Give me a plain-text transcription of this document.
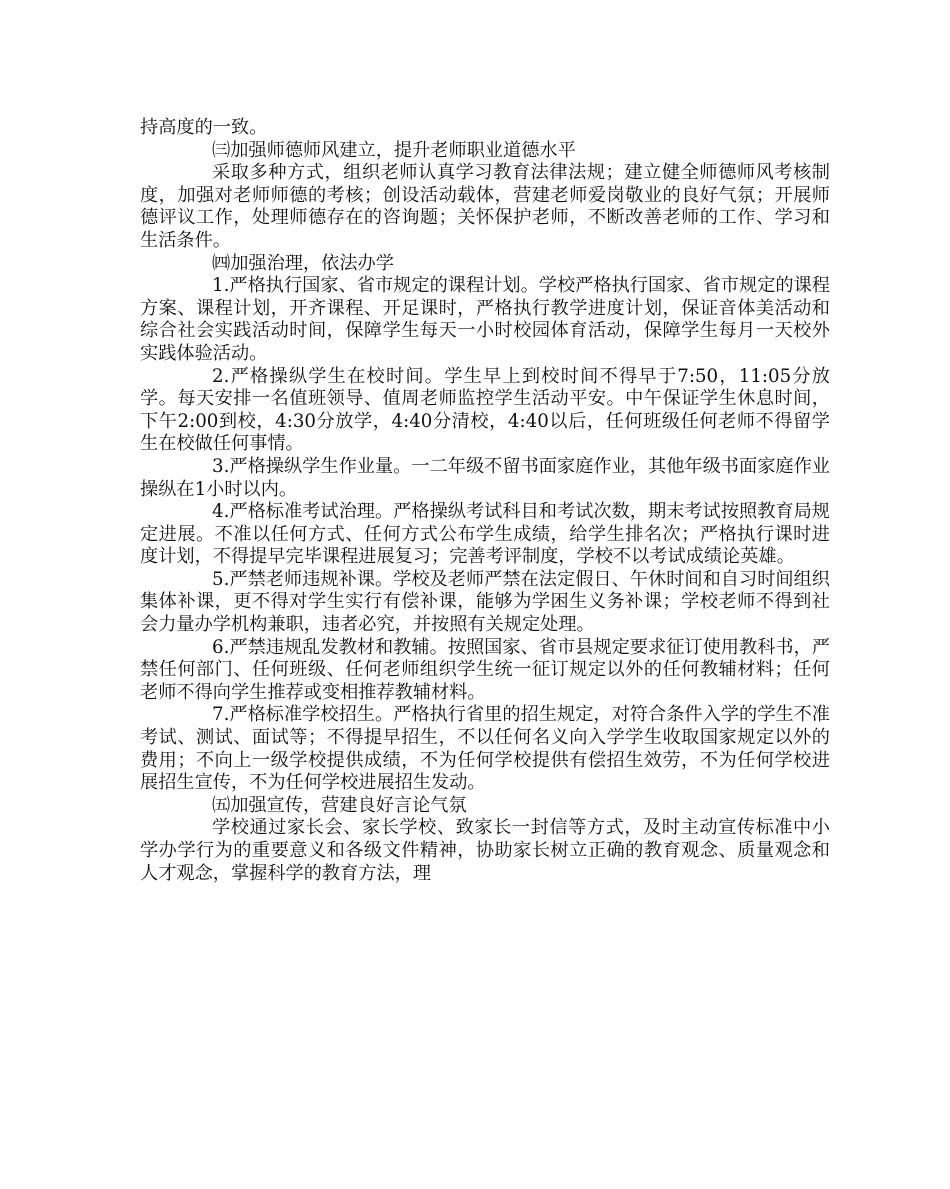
持高度的一致。

㈢加强师德师风建立，提升老师职业道德水平

采取多种方式，组织老师认真学习教育法律法规；建立健全师德师风考核制度，加强对老师师德的考核；创设活动载体，营建老师爱岗敬业的良好气氛；开展师德评议工作，处理师德存在的咨询题；关怀保护老师，不断改善老师的工作、学习和生活条件。

㈣加强治理，依法办学

1.严格执行国家、省市规定的课程计划。学校严格执行国家、省市规定的课程方案、课程计划，开齐课程、开足课时，严格执行教学进度计划，保证音体美活动和综合社会实践活动时间，保障学生每天一小时校园体育活动，保障学生每月一天校外实践体验活动。

2.严格操纵学生在校时间。学生早上到校时间不得早于7:50，11:05分放学。每天安排一名值班领导、值周老师监控学生活动平安。中午保证学生休息时间，下午2:00到校，4:30分放学，4:40分清校，4:40以后，任何班级任何老师不得留学生在校做任何事情。

3.严格操纵学生作业量。一二年级不留书面家庭作业，其他年级书面家庭作业操纵在1小时以内。

4.严格标准考试治理。严格操纵考试科目和考试次数，期末考试按照教育局规定进展。不准以任何方式、任何方式公布学生成绩，给学生排名次；严格执行课时进度计划，不得提早完毕课程进展复习；完善考评制度，学校不以考试成绩论英雄。

5.严禁老师违规补课。学校及老师严禁在法定假日、午休时间和自习时间组织集体补课，更不得对学生实行有偿补课，能够为学困生义务补课；学校老师不得到社会力量办学机构兼职，违者必究，并按照有关规定处理。

6.严禁违规乱发教材和教辅。按照国家、省市县规定要求征订使用教科书，严禁任何部门、任何班级、任何老师组织学生统一征订规定以外的任何教辅材料；任何老师不得向学生推荐或变相推荐教辅材料。

7.严格标准学校招生。严格执行省里的招生规定，对符合条件入学的学生不准考试、测试、面试等；不得提早招生，不以任何名义向入学学生收取国家规定以外的费用；不向上一级学校提供成绩，不为任何学校提供有偿招生效劳，不为任何学校进展招生宣传，不为任何学校进展招生发动。

㈤加强宣传，营建良好言论气氛

学校通过家长会、家长学校、致家长一封信等方式，及时主动宣传标准中小学办学行为的重要意义和各级文件精神，协助家长树立正确的教育观念、质量观念和人才观念，掌握科学的教育方法，理
